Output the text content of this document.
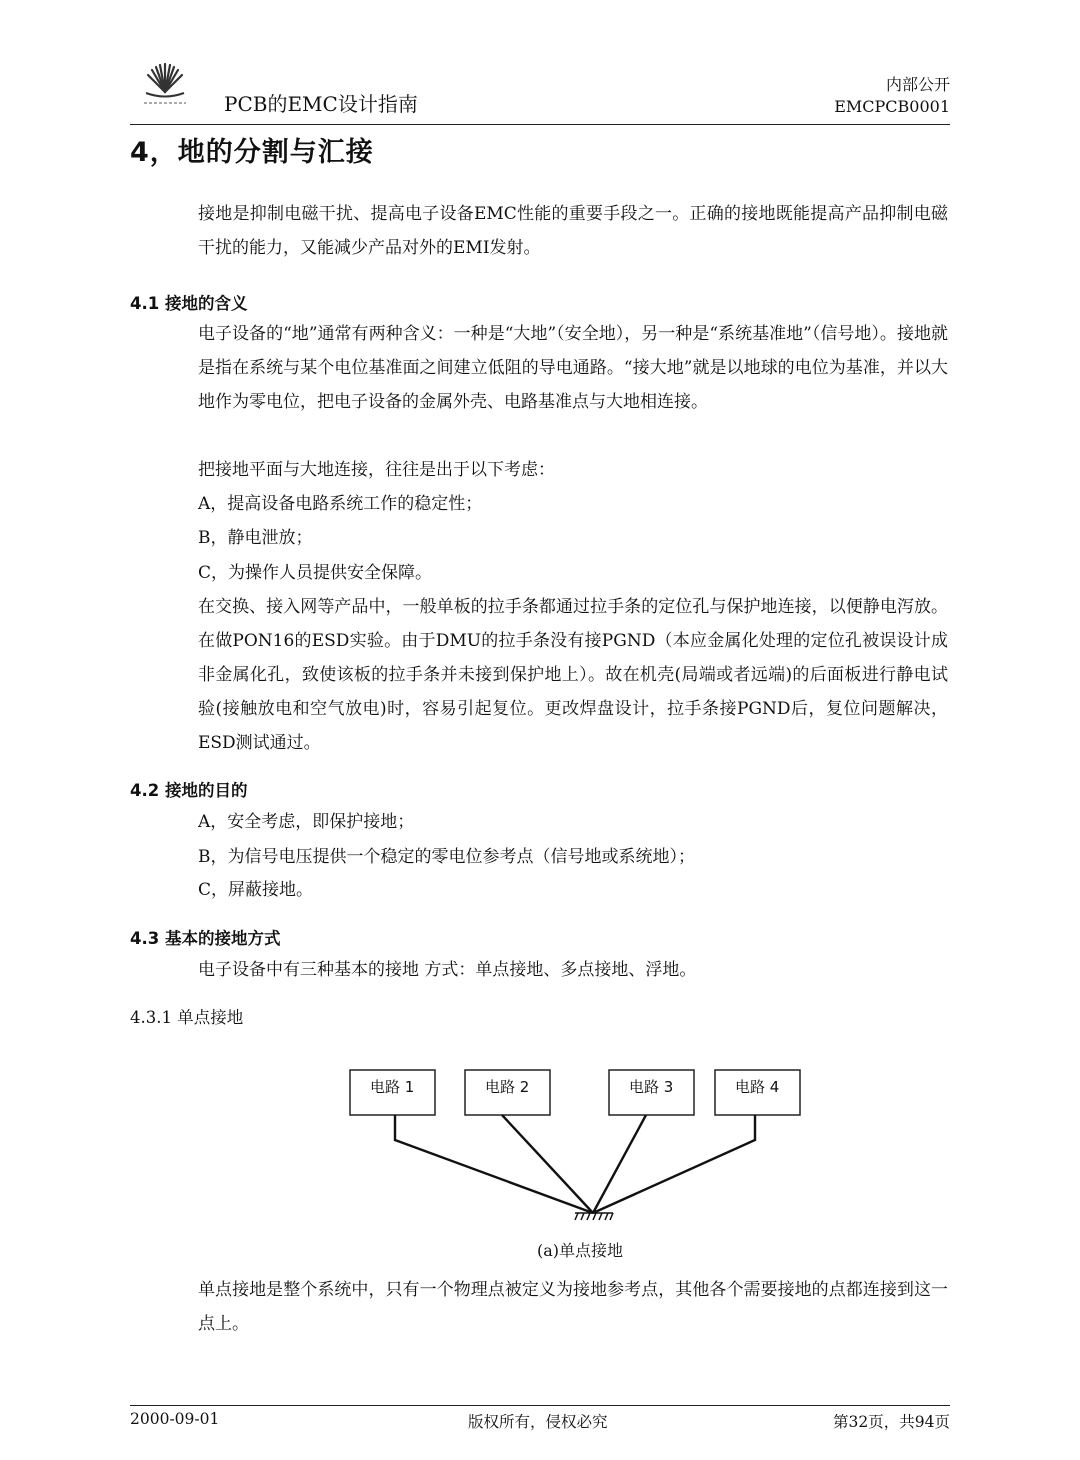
PCB的EMC设计指南
内部公开
EMCPCB0001
4，地的分割与汇接
接地是抑制电磁干扰、提高电子设备EMC性能的重要手段之一。正确的接地既能提高产品抑制电磁干扰的能力，又能减少产品对外的EMI发射。
4.1 接地的含义
电子设备的“地”通常有两种含义：一种是“大地”（安全地），另一种是“系统基准地”（信号地）。接地就是指在系统与某个电位基准面之间建立低阻的导电通路。“接大地”就是以地球的电位为基准，并以大地作为零电位，把电子设备的金属外壳、电路基准点与大地相连接。
把接地平面与大地连接，往往是出于以下考虑：
A，提高设备电路系统工作的稳定性；
B，静电泄放；
C，为操作人员提供安全保障。
在交换、接入网等产品中，一般单板的拉手条都通过拉手条的定位孔与保护地连接，以便静电泻放。 在做PON16的ESD实验。由于DMU的拉手条没有接PGND（本应金属化处理的定位孔被误设计成非金属化孔，致使该板的拉手条并未接到保护地上）。故在机壳(局端或者远端)的后面板进行静电试验(接触放电和空气放电)时，容易引起复位。更改焊盘设计，拉手条接PGND后，复位问题解决，ESD测试通过。
4.2 接地的目的
A，安全考虑，即保护接地；
B，为信号电压提供一个稳定的零电位参考点（信号地或系统地）；
C，屏蔽接地。
4.3 基本的接地方式
电子设备中有三种基本的接地 方式：单点接地、多点接地、浮地。
4.3.1 单点接地
电路 1	电路 2	电路 3	电路 4
(a)单点接地
单点接地是整个系统中，只有一个物理点被定义为接地参考点，其他各个需要接地的点都连接到这一点上。
2000-09-01	版权所有，侵权必究	第32页，共94页
